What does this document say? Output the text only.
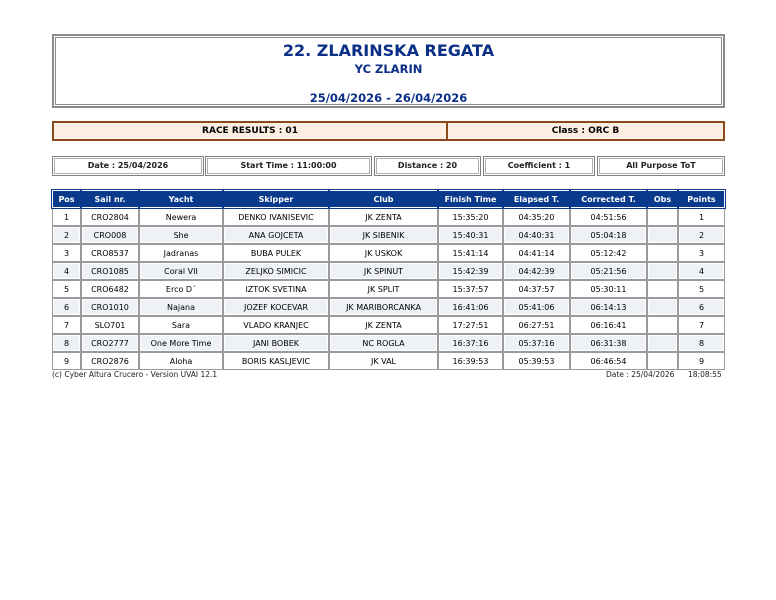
22. ZLARINSKA REGATA
YC ZLARIN
25/04/2026 - 26/04/2026
RACE RESULTS : 01	Class : ORC B
Date : 25/04/2026	Start Time : 11:00:00	Distance : 20	Coefficient : 1	All Purpose ToT
Pos	Sail nr.	Yacht	Skipper	Club	Finish Time	Elapsed T.	Corrected T.	Obs	Points
1	CRO2804	Newera	DENKO IVANISEVIC	JK ZENTA	15:35:20	04:35:20	04:51:56		1
2	CRO008	She	ANA GOJCETA	JK SIBENIK	15:40:31	04:40:31	05:04:18		2
3	CRO8537	Jadranas	BUBA PULEK	JK USKOK	15:41:14	04:41:14	05:12:42		3
4	CRO1085	Coral VII	ZELJKO SIMICIC	JK SPINUT	15:42:39	04:42:39	05:21:56		4
5	CRO6482	Erco D´	IZTOK SVETINA	JK SPLIT	15:37:57	04:37:57	05:30:11		5
6	CRO1010	Najana	JOZEF KOCEVAR	JK MARIBORCANKA	16:41:06	05:41:06	06:14:13		6
7	SLO701	Sara	VLADO KRANJEC	JK ZENTA	17:27:51	06:27:51	06:16:41		7
8	CRO2777	One More Time	JANI BOBEK	NC ROGLA	16:37:16	05:37:16	06:31:38		8
9	CRO2876	Aloha	BORIS KASLJEVIC	JK VAL	16:39:53	05:39:53	06:46:54		9
(c) Cyber Altura Crucero - Version UVAI 12.1	Date : 25/04/2026 18:08:55
